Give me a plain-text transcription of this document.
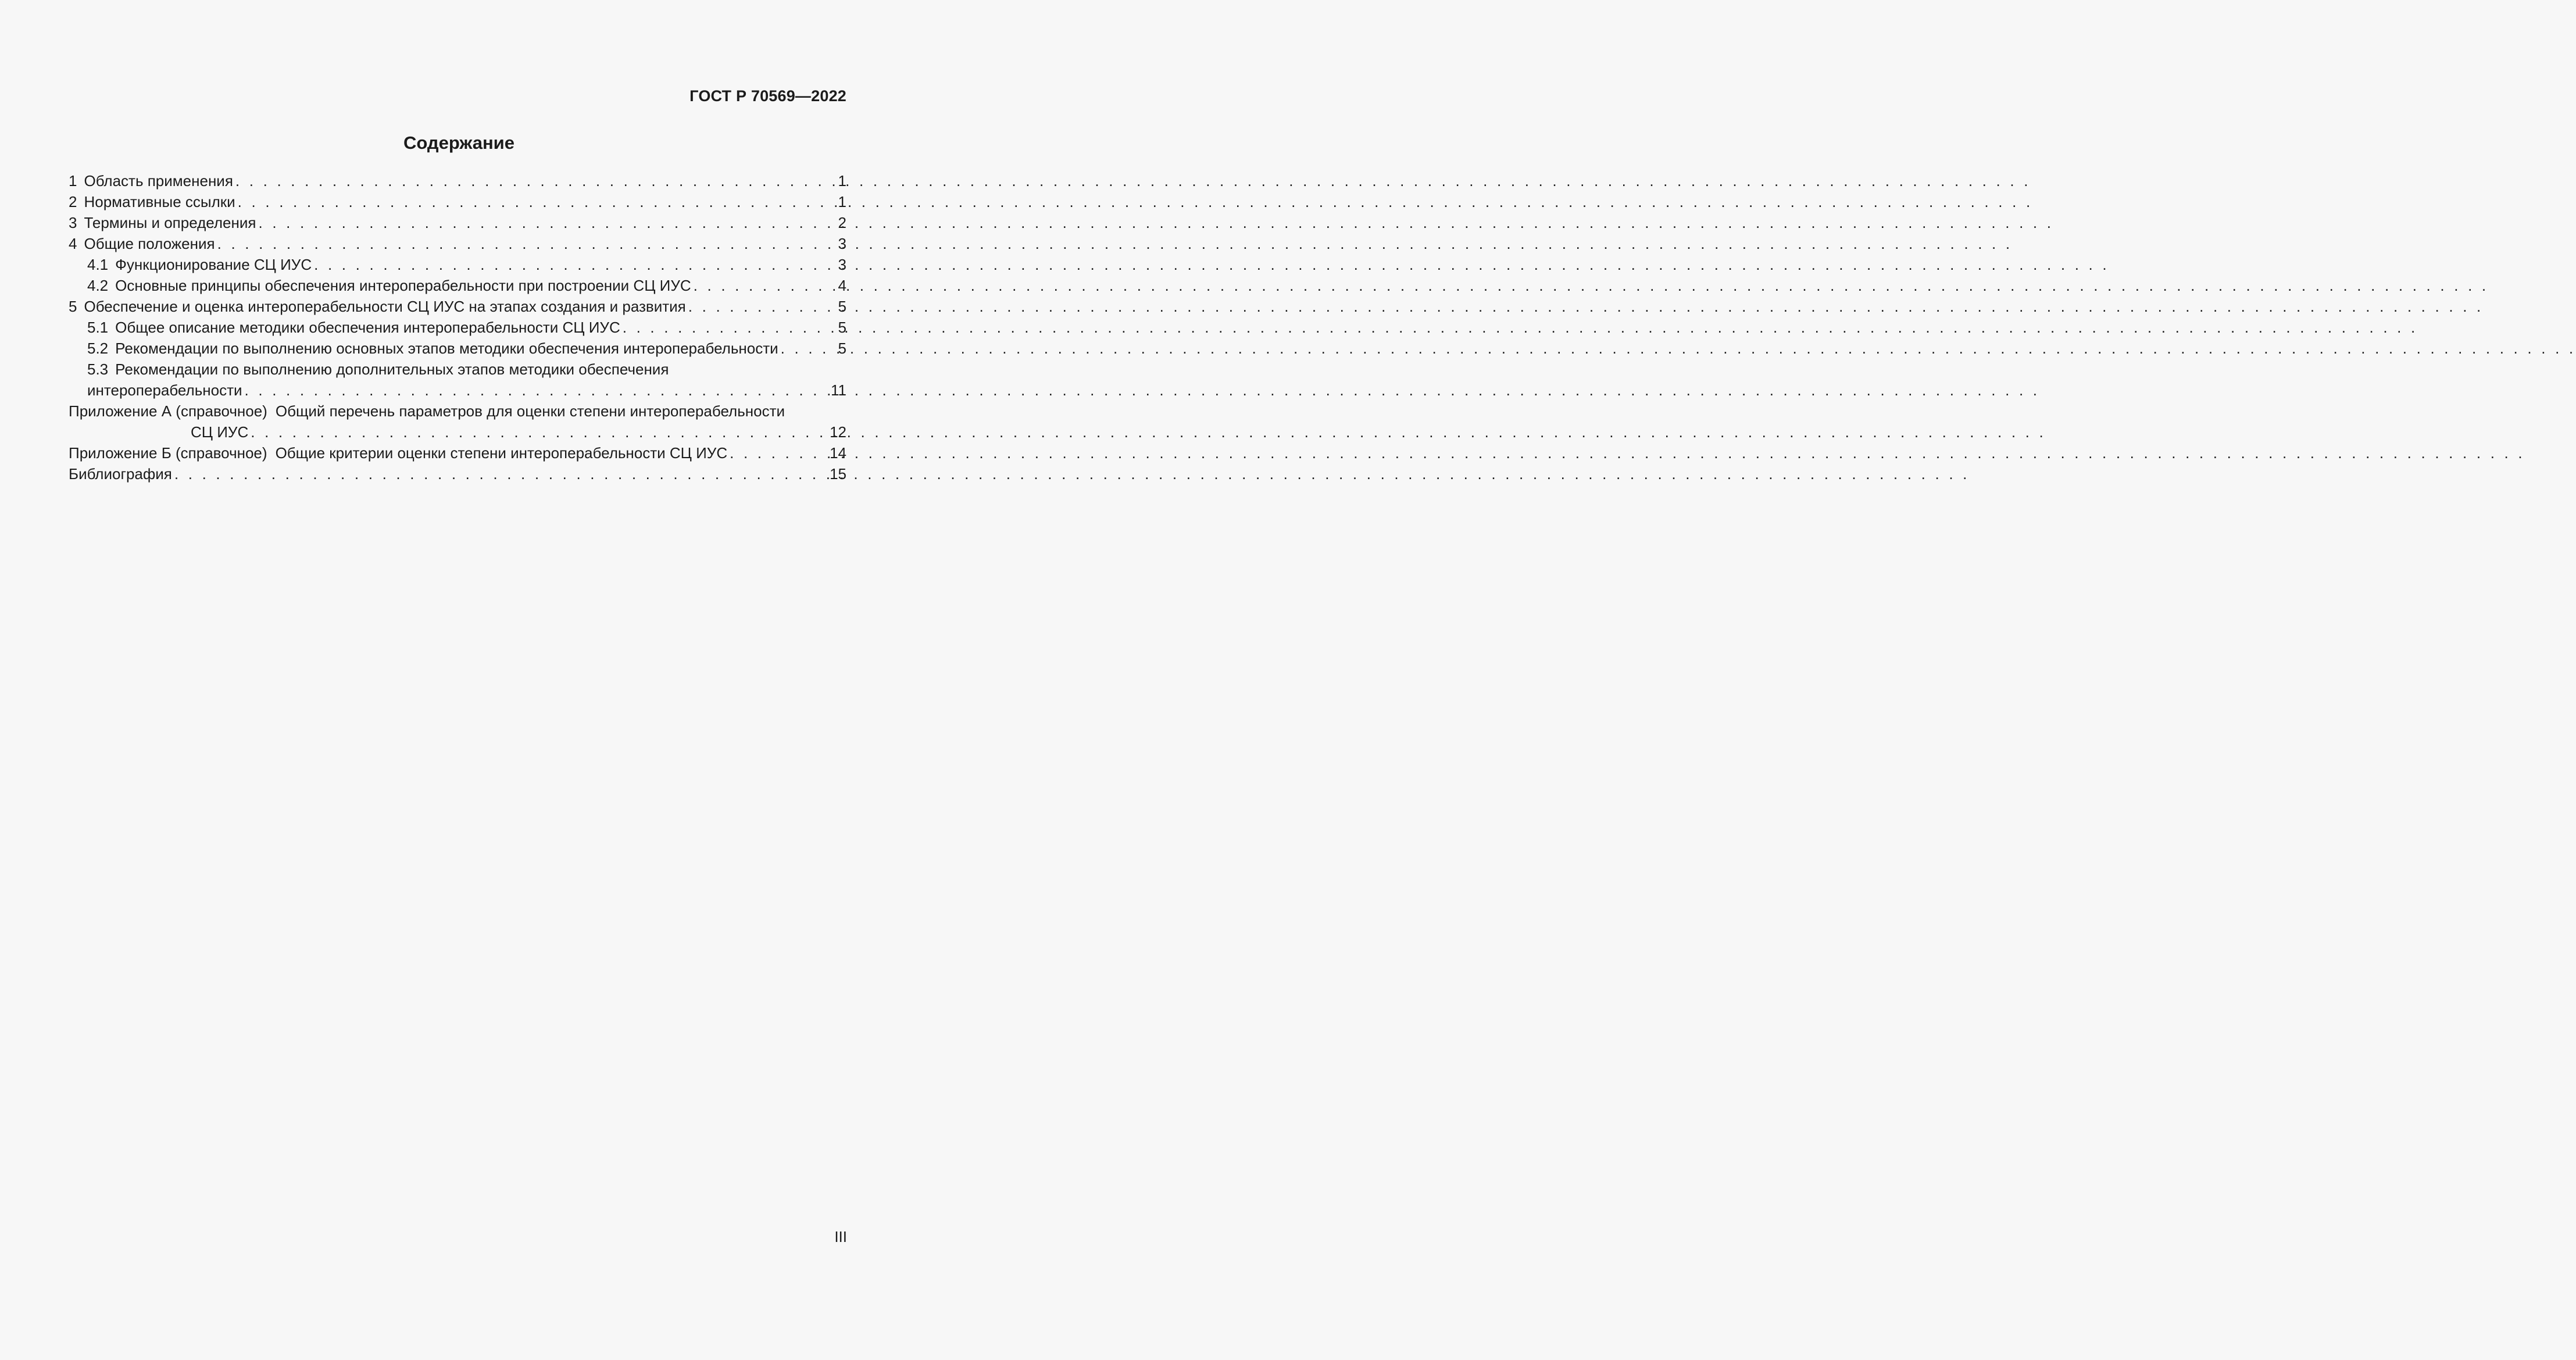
ГОСТ Р 70569—2022
Содержание
1 Область применения . . .	1
2 Нормативные ссылки . . .	1
3 Термины и определения . . .	2
4 Общие положения . . .	3
4.1 Функционирование СЦ ИУС . . .	3
4.2 Основные принципы обеспечения интероперабельности при построении СЦ ИУС . . .	4
5 Обеспечение и оценка интероперабельности СЦ ИУС на этапах создания и развития . . .	5
5.1 Общее описание методики обеспечения интероперабельности СЦ ИУС . . .	5
5.2 Рекомендации по выполнению основных этапов методики обеспечения интероперабельности . . .	5
5.3 Рекомендации по выполнению дополнительных этапов методики обеспечения
интероперабельности . . .	11
Приложение А (справочное) Общий перечень параметров для оценки степени интероперабельности
СЦ ИУС . . .	12
Приложение Б (справочное) Общие критерии оценки степени интероперабельности СЦ ИУС . . .	14
Библиография . . .	15
III
